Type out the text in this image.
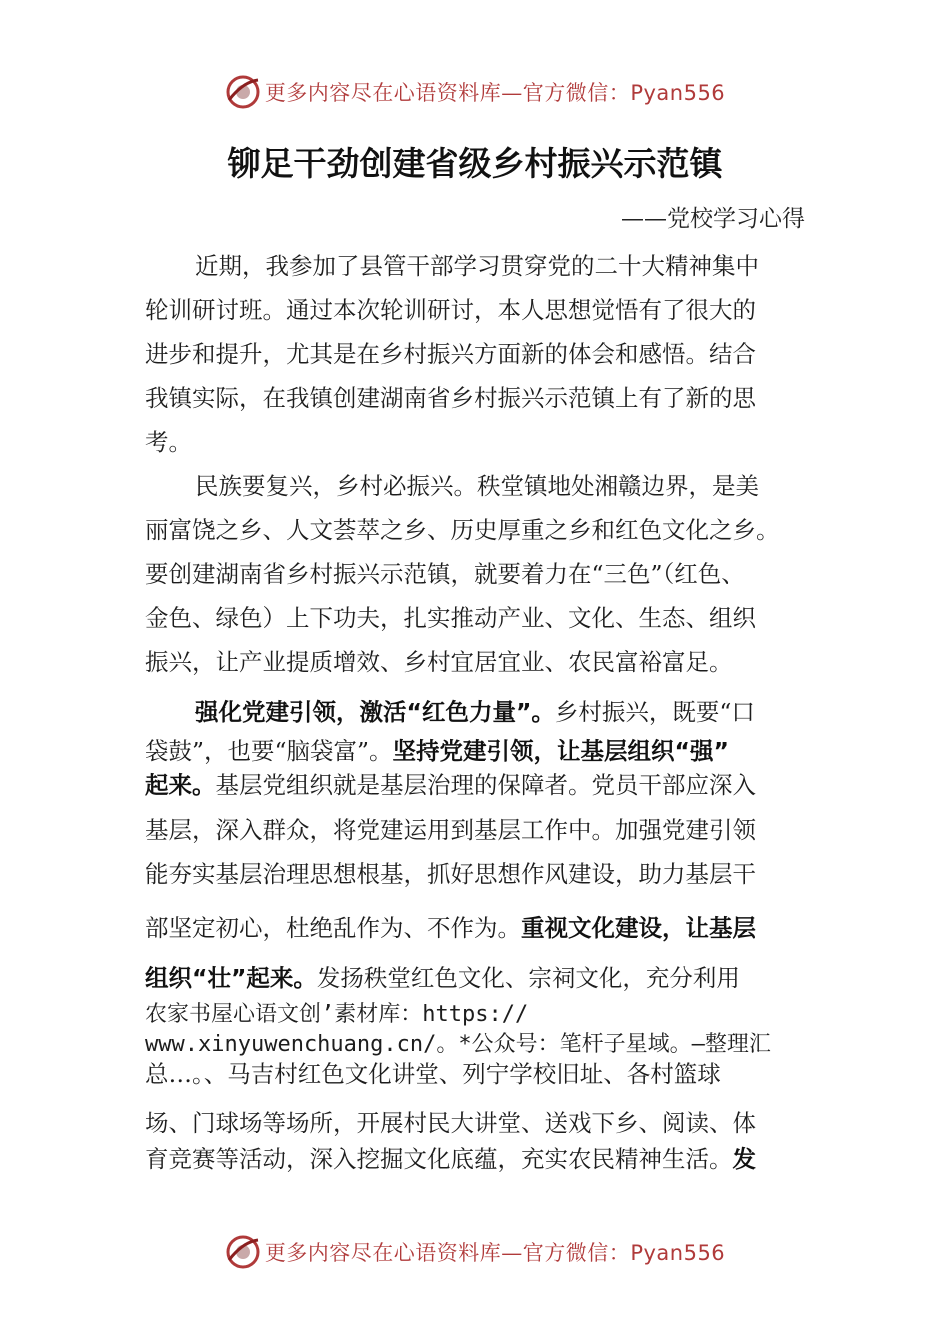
更多内容尽在心语资料库—官方微信：Pyan556
铆足干劲创建省级乡村振兴示范镇
——党校学习心得
近期，我参加了县管干部学习贯穿党的二十大精神集中
轮训研讨班。通过本次轮训研讨，本人思想觉悟有了很大的
进步和提升，尤其是在乡村振兴方面新的体会和感悟。结合
我镇实际，在我镇创建湖南省乡村振兴示范镇上有了新的思
考。
民族要复兴，乡村必振兴。秩堂镇地处湘赣边界，是美
丽富饶之乡、人文荟萃之乡、历史厚重之乡和红色文化之乡。
要创建湖南省乡村振兴示范镇，就要着力在“三色”（红色、
金色、绿色）上下功夫，扎实推动产业、文化、生态、组织
振兴，让产业提质增效、乡村宜居宜业、农民富裕富足。
强化党建引领，激活“红色力量”。乡村振兴，既要“口
袋鼓”，也要“脑袋富”。坚持党建引领，让基层组织“强”
起来。基层党组织就是基层治理的保障者。党员干部应深入
基层，深入群众，将党建运用到基层工作中。加强党建引领
能夯实基层治理思想根基，抓好思想作风建设，助力基层干
部坚定初心，杜绝乱作为、不作为。重视文化建设，让基层
组织“壮”起来。发扬秩堂红色文化、宗祠文化，充分利用
农家书屋心语文创’素材库：https://
www.xinyuwenchuang.cn/。*公众号：笔杆子星域。—整理汇
总…。、马吉村红色文化讲堂、列宁学校旧址、各村篮球
场、门球场等场所，开展村民大讲堂、送戏下乡、阅读、体
育竞赛等活动，深入挖掘文化底蕴，充实农民精神生活。发
更多内容尽在心语资料库—官方微信：Pyan556
